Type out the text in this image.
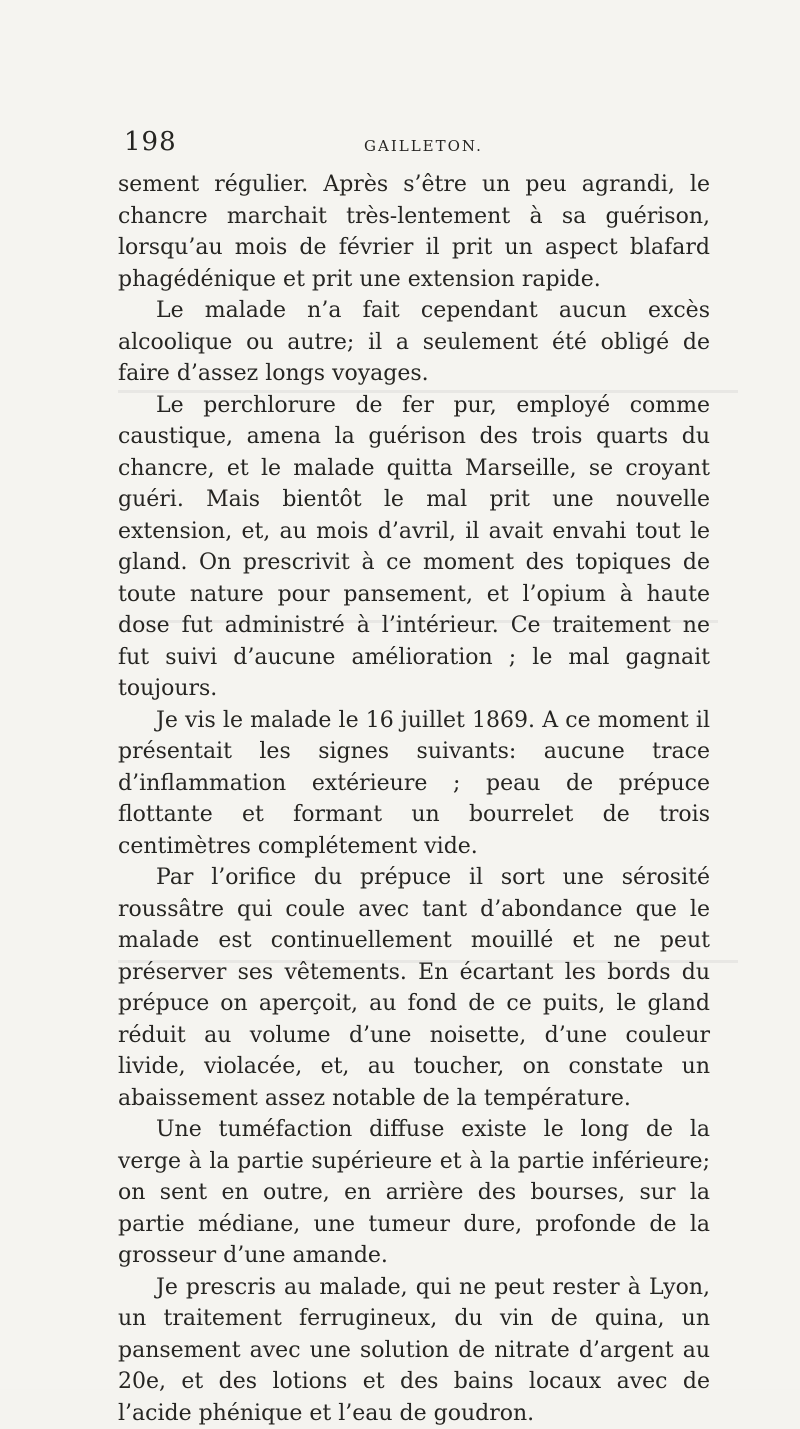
198	GAILLETON.

sement régulier. Après s’être un peu agrandi, le chancre marchait très-lentement à sa guérison, lorsqu’au mois de février il prit un aspect blafard phagédénique et prit une extension rapide.

Le malade n’a fait cependant aucun excès alcoolique ou autre; il a seulement été obligé de faire d’assez longs voyages.

Le perchlorure de fer pur, employé comme caustique, amena la guérison des trois quarts du chancre, et le malade quitta Marseille, se croyant guéri. Mais bientôt le mal prit une nouvelle extension, et, au mois d’avril, il avait envahi tout le gland. On prescrivit à ce moment des topiques de toute nature pour pansement, et l’opium à haute dose fut administré à l’intérieur. Ce traitement ne fut suivi d’aucune amélioration ; le mal gagnait toujours.

Je vis le malade le 16 juillet 1869. A ce moment il présentait les signes suivants: aucune trace d’inflammation extérieure ; peau de prépuce flottante et formant un bourrelet de trois centimètres complétement vide.

Par l’orifice du prépuce il sort une sérosité roussâtre qui coule avec tant d’abondance que le malade est continuellement mouillé et ne peut préserver ses vêtements. En écartant les bords du prépuce on aperçoit, au fond de ce puits, le gland réduit au volume d’une noisette, d’une couleur livide, violacée, et, au toucher, on constate un abaissement assez notable de la température.

Une tuméfaction diffuse existe le long de la verge à la partie supérieure et à la partie inférieure; on sent en outre, en arrière des bourses, sur la partie médiane, une tumeur dure, profonde de la grosseur d’une amande.

Je prescris au malade, qui ne peut rester à Lyon, un traitement ferrugineux, du vin de quina, un pansement avec une solution de nitrate d’argent au 20e, et des lotions et des bains locaux avec de l’acide phénique et l’eau de goudron.
